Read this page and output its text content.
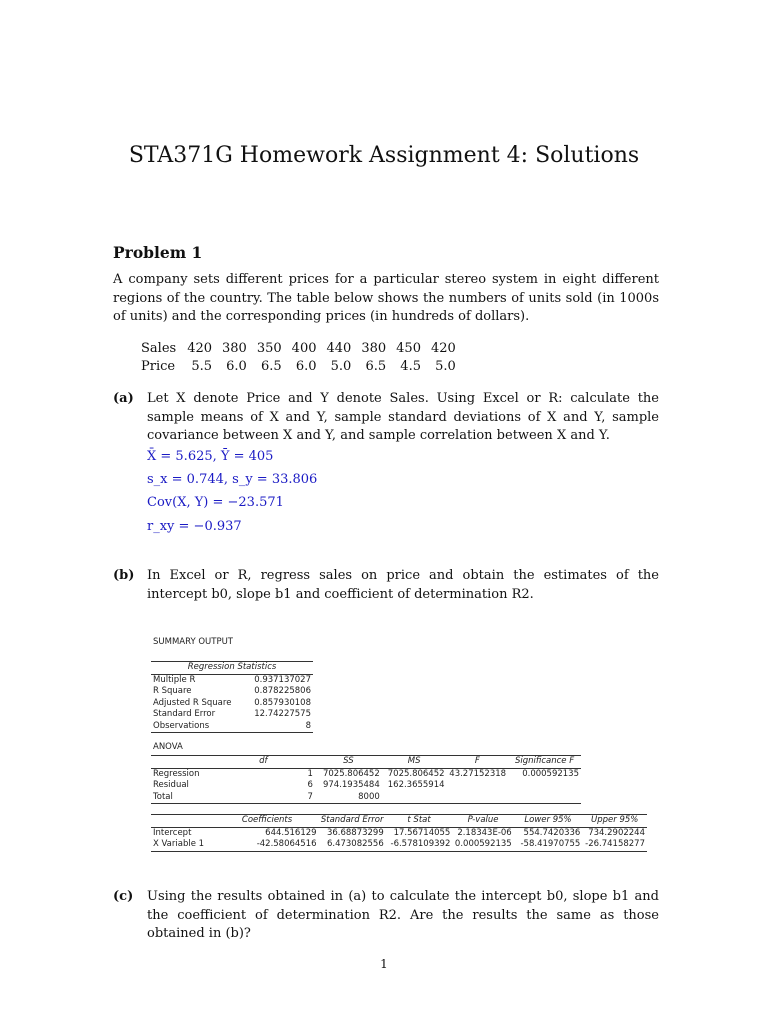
STA371G Homework Assignment 4: Solutions
Problem 1
A company sets different prices for a particular stereo system in eight different regions of the country. The table below shows the numbers of units sold (in 1000s of units) and the corresponding prices (in hundreds of dollars).
Sales	420	380	350	400	440	380	450	420
Price	5.5	6.0	6.5	6.0	5.0	6.5	4.5	5.0
(a) Let X denote Price and Y denote Sales. Using Excel or R: calculate the sample means of X and Y, sample standard deviations of X and Y, sample covariance between X and Y, and sample correlation between X and Y.
X̄ = 5.625, Ȳ = 405
s_x = 0.744, s_y = 33.806
Cov(X, Y) = −23.571
r_xy = −0.937
(b) In Excel or R, regress sales on price and obtain the estimates of the intercept b0, slope b1 and coefficient of determination R2.
SUMMARY OUTPUT
Regression Statistics	
Multiple R	0.937137027
R Square	0.878225806
Adjusted R Square	0.857930108
Standard Error	12.74227575
Observations	8
ANOVA
	df	SS	MS	F	Significance F
Regression	1	7025.806452	7025.806452	43.27152318	0.000592135
Residual	6	974.1935484	162.3655914		
Total	7	8000			
	Coefficients	Standard Error	t Stat	P-value	Lower 95%	Upper 95%
Intercept	644.516129	36.68873299	17.56714055	2.18343E-06	554.7420336	734.2902244
X Variable 1	-42.58064516	6.473082556	-6.578109392	0.000592135	-58.41970755	-26.74158277
(c) Using the results obtained in (a) to calculate the intercept b0, slope b1 and the coefficient of determination R2. Are the results the same as those obtained in (b)?
1
